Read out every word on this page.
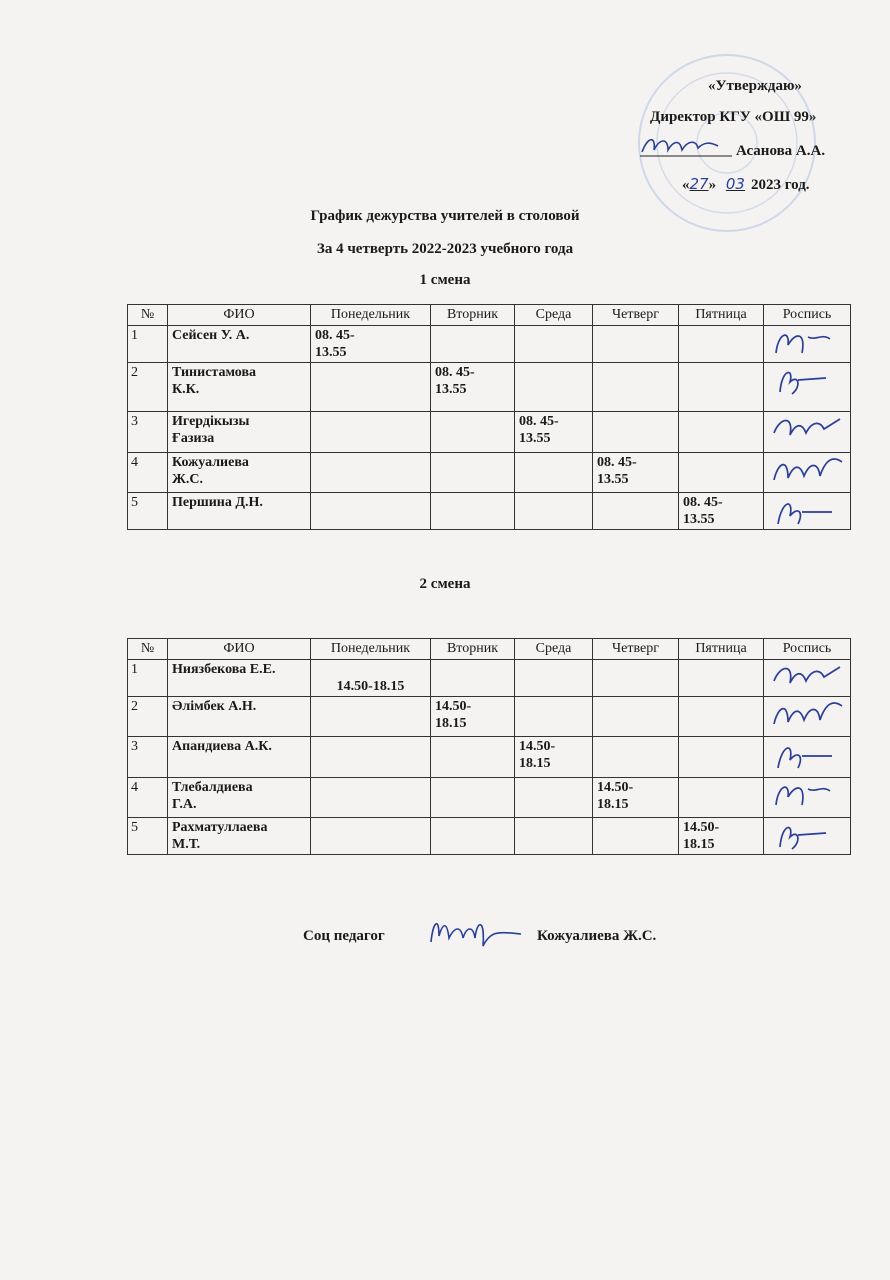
«Утверждаю»
Директор КГУ «ОШ 99»
Асанова А.А.
«27» 03 2023 год.
График дежурства учителей в столовой
За 4 четверть 2022-2023 учебного года
1 смена
№	ФИО	Понедельник	Вторник	Среда	Четверг	Пятница	Роспись
1	Сейсен У. А.	08. 45-
13.55					

2	Тинистамова
К.К.		08. 45-
13.55				

3	Игердікызы
Ғазиза			08. 45-
13.55			

4	Кожуалиева
Ж.С.				08. 45-
13.55		

5	Першина Д.Н.					08. 45-
13.55	
2 смена
№	ФИО	Понедельник	Вторник	Среда	Четверг	Пятница	Роспись
1	Ниязбекова Е.Е.	14.50-18.15					

2	Әлімбек А.Н.		14.50-
18.15				

3	Апандиева А.К.			14.50-
18.15			

4	Тлебалдиева
Г.А.				14.50-
18.15		

5	Рахматуллаева
М.Т.					14.50-
18.15	
Соц педагог	Кожуалиева Ж.С.
